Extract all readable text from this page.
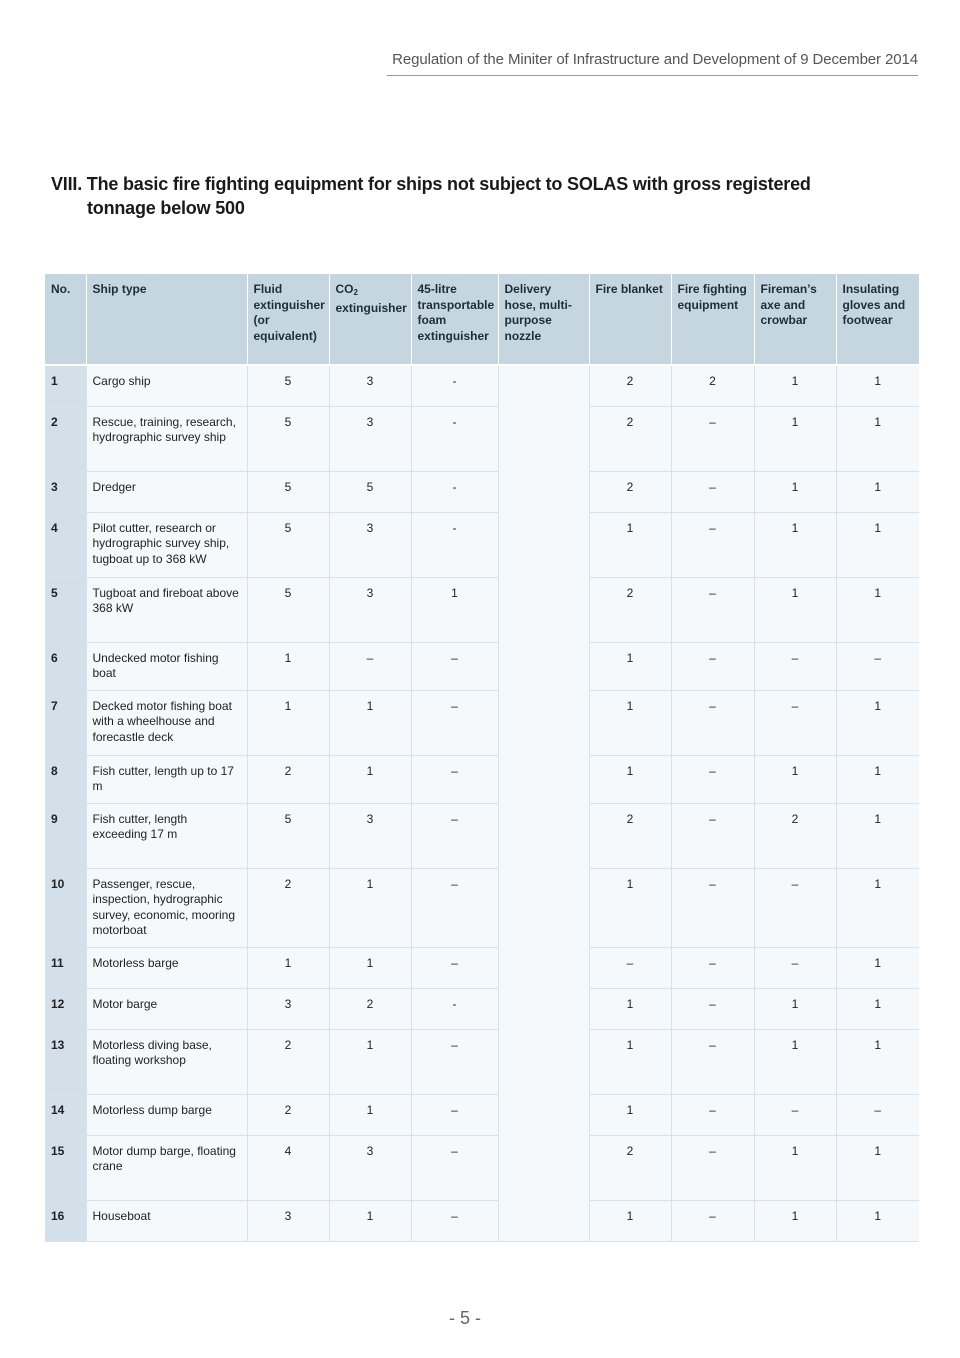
Regulation of the Miniter of Infrastructure and Development of 9 December 2014
VIII. The basic fire fighting equipment for ships not subject to SOLAS with gross registered
tonnage below 500
No.	Ship type	Fluid extinguisher (or equivalent)	$CO_2$ extinguisher	45-litre transportable foam extinguisher	Delivery hose, multi-purpose nozzle	Fire blanket	Fire fighting equipment	Fireman’s axe and crowbar	Insulating gloves and footwear
1	Cargo ship	5	3	-		2	2	1	1
2	Rescue, training, research, hydrographic survey ship	5	3	-		2	–	1	1
3	Dredger	5	5	-		2	–	1	1
4	Pilot cutter, research or hydrographic survey ship, tugboat up to 368 kW	5	3	-		1	–	1	1
5	Tugboat and fireboat above 368 kW	5	3	1		2	–	1	1
6	Undecked motor fishing boat	1	–	–		1	–	–	–
7	Decked motor fishing boat with a wheelhouse and forecastle deck	1	1	–		1	–	–	1
8	Fish cutter, length up to 17 m	2	1	–		1	–	1	1
9	Fish cutter, length exceeding 17 m	5	3	–		2	–	2	1
10	Passenger, rescue, inspection, hydrographic survey, economic, mooring motorboat	2	1	–		1	–	–	1
11	Motorless barge	1	1	–		–	–	–	1
12	Motor barge	3	2	-		1	–	1	1
13	Motorless diving base, floating workshop	2	1	–		1	–	1	1
14	Motorless dump barge	2	1	–		1	–	–	–
15	Motor dump barge, floating crane	4	3	–		2	–	1	1
16	Houseboat	3	1	–		1	–	1	1
- 5 -
